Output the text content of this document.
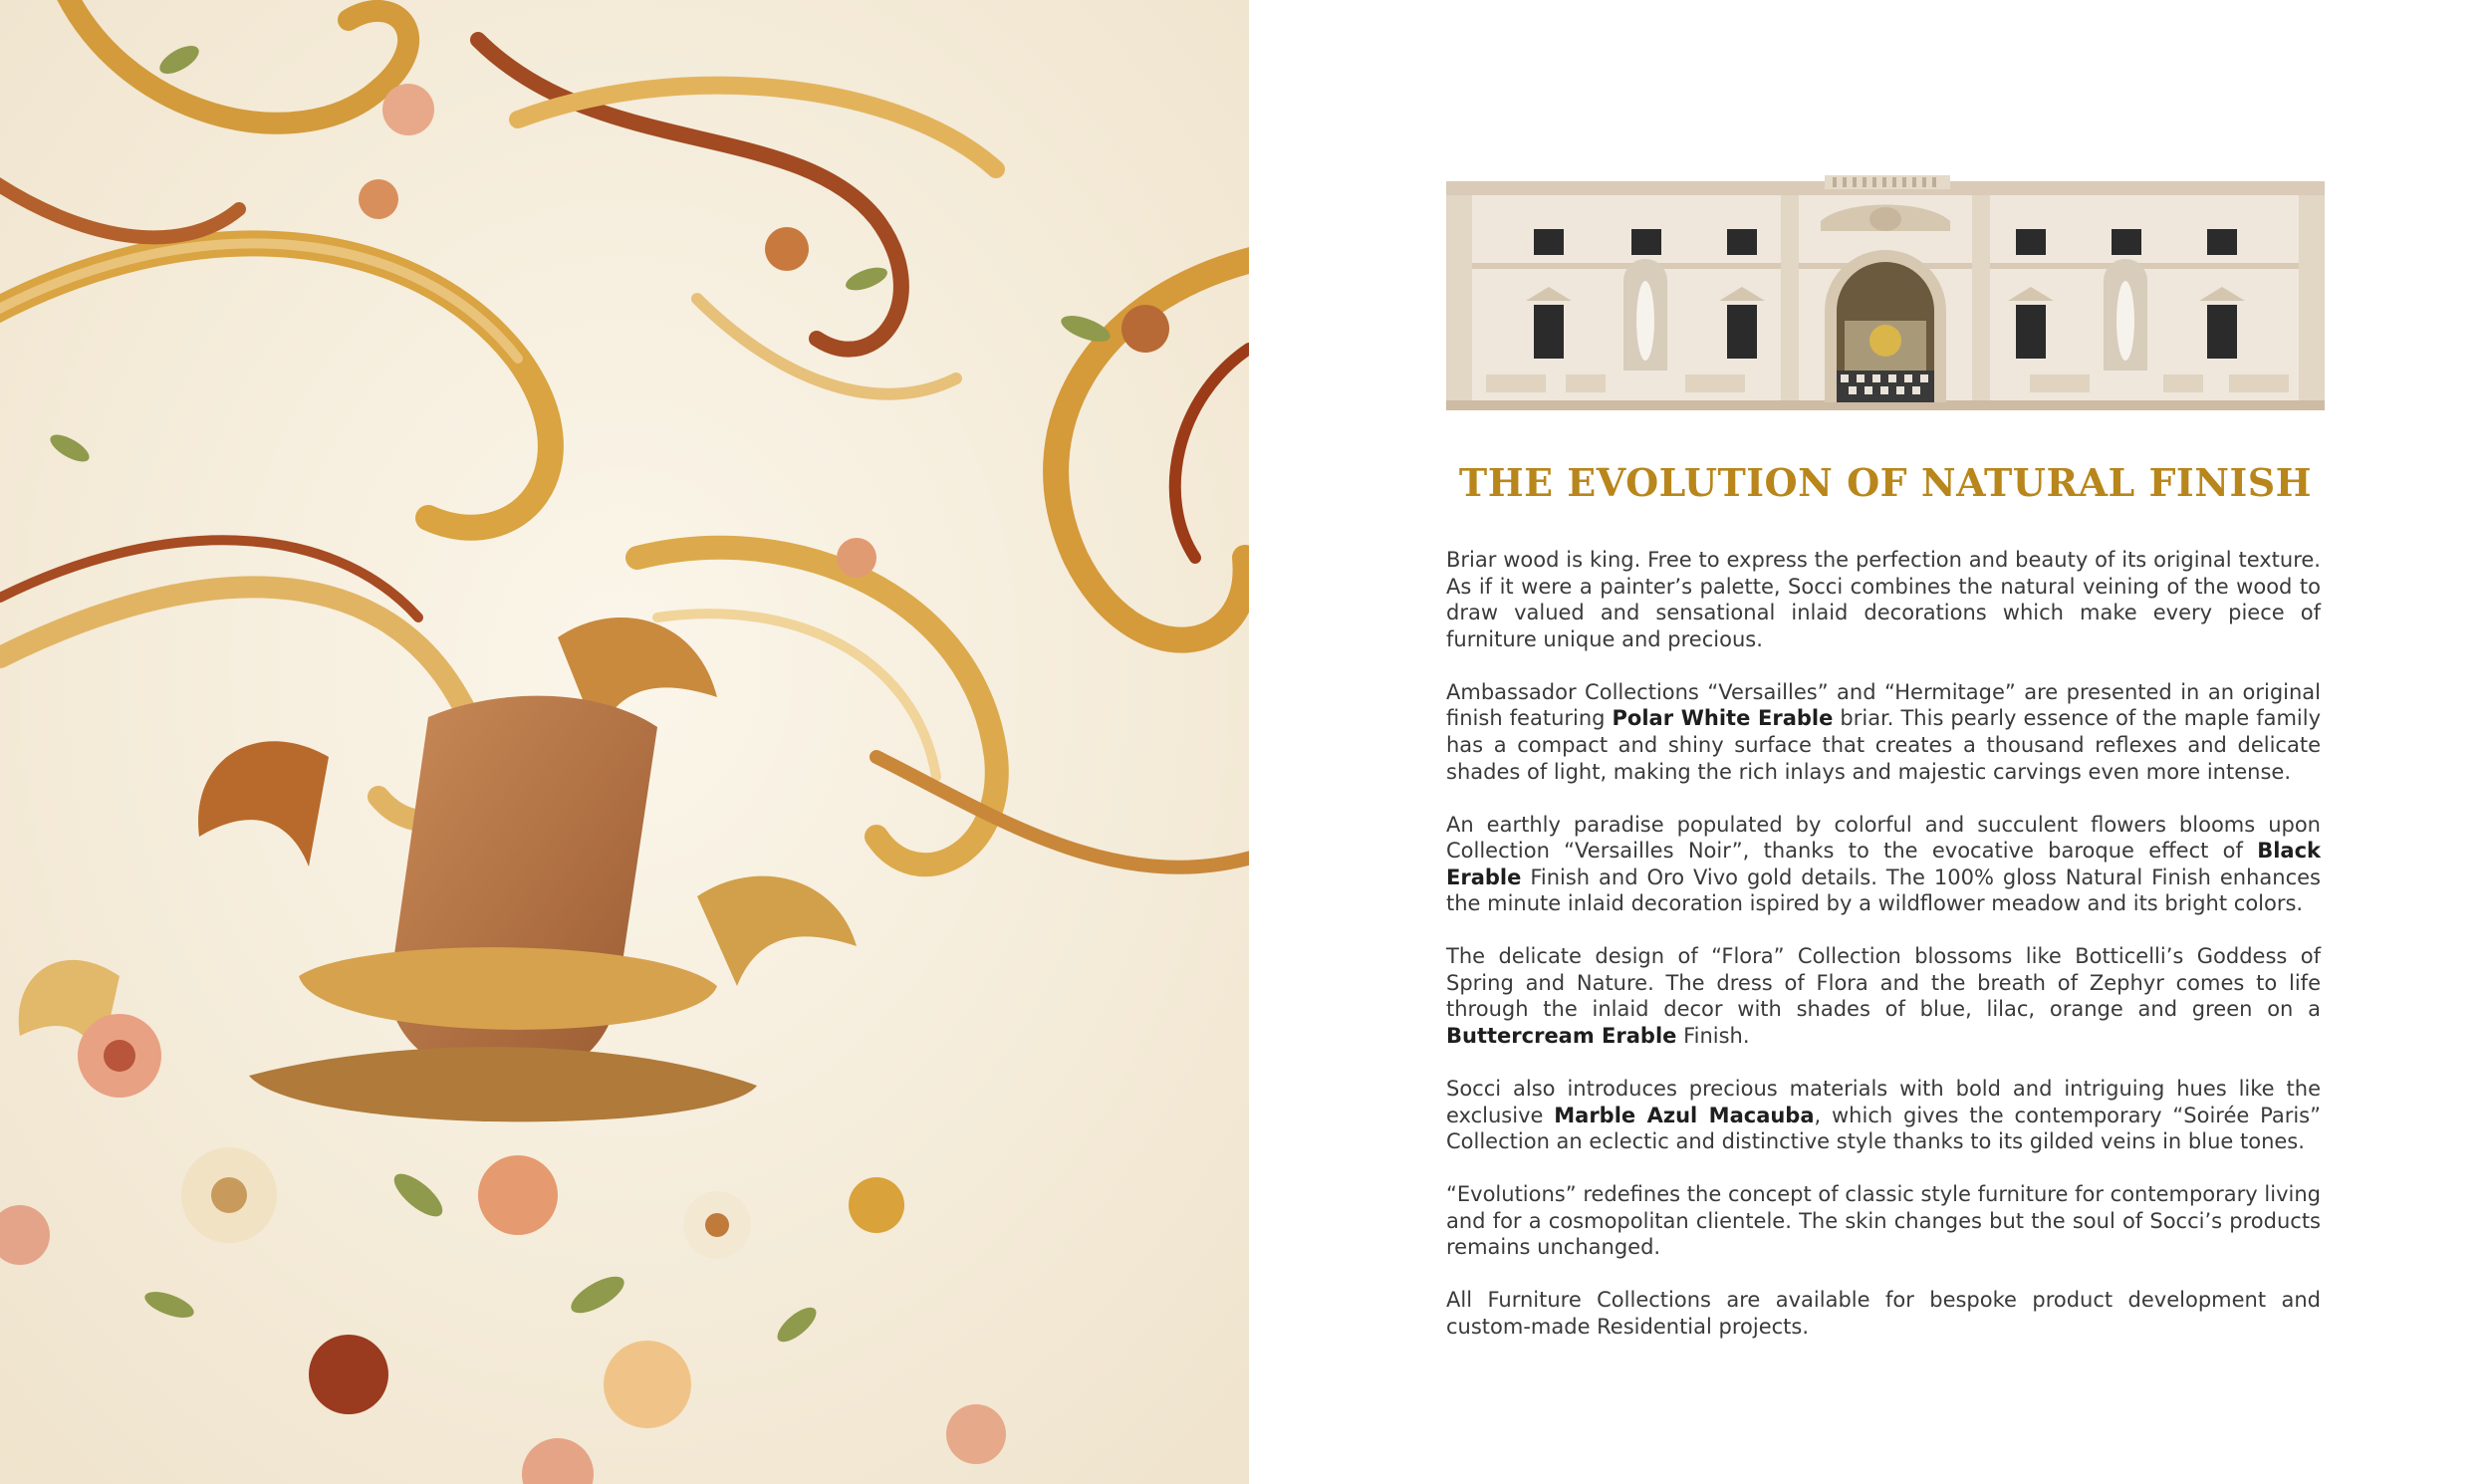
THE EVOLUTION OF NATURAL FINISH

Briar wood is king. Free to express the perfection and beauty of its original texture. As if it were a painter’s palette, Socci combines the natural veining of the wood to draw valued and sensational inlaid decorations which make every piece of furniture unique and precious.

Ambassador Collections “Versailles” and “Hermitage” are presented in an original finish featuring Polar White Erable briar. This pearly essence of the maple family has a compact and shiny surface that creates a thousand reflexes and delicate shades of light, making the rich inlays and majestic carvings even more intense.

An earthly paradise populated by colorful and succulent flowers blooms upon Collection “Versailles Noir”, thanks to the evocative baroque effect of Black Erable Finish and Oro Vivo gold details. The 100% gloss Natural Finish enhances the minute inlaid decoration ispired by a wildflower meadow and its bright colors.

The delicate design of “Flora” Collection blossoms like Botticelli’s Goddess of Spring and Nature. The dress of Flora and the breath of Zephyr comes to life through the inlaid decor with shades of blue, lilac, orange and green on a Buttercream Erable Finish.

Socci also introduces precious materials with bold and intriguing hues like the exclusive Marble Azul Macauba, which gives the contemporary “Soirée Paris” Collection an eclectic and distinctive style thanks to its gilded veins in blue tones.

“Evolutions” redefines the concept of classic style furniture for contemporary living and for a cosmopolitan clientele. The skin changes but the soul of Socci’s products remains unchanged.

All Furniture Collections are available for bespoke product development and custom-made Residential projects.
